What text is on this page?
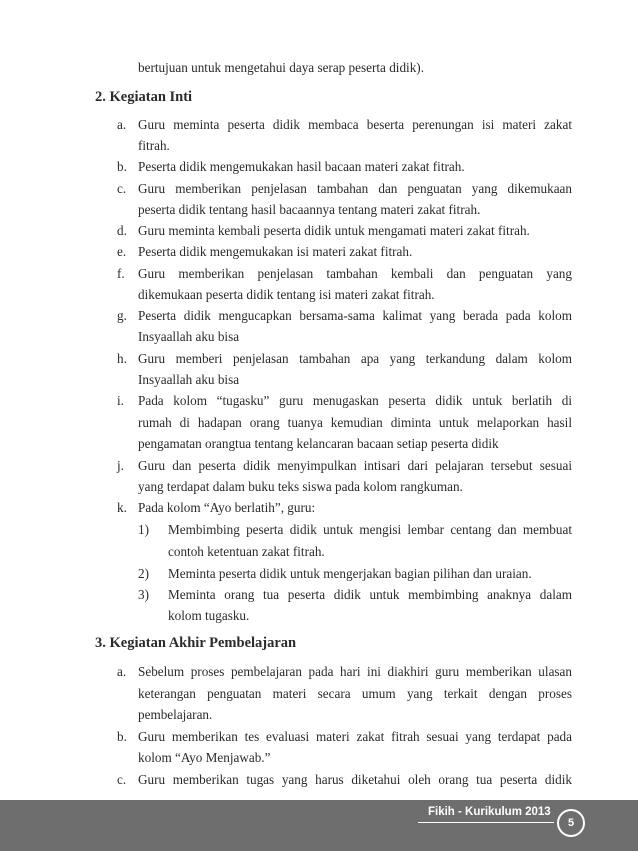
bertujuan untuk mengetahui daya serap peserta didik).
2. Kegiatan Inti
a. Guru meminta peserta didik membaca beserta perenungan isi materi zakat
fitrah.
b. Peserta didik mengemukakan hasil bacaan materi zakat fitrah.
c. Guru memberikan penjelasan tambahan dan penguatan yang dikemukaan
peserta didik tentang hasil bacaannya tentang materi zakat fitrah.
d. Guru meminta kembali peserta didik untuk mengamati materi zakat fitrah.
e. Peserta didik mengemukakan isi materi zakat fitrah.
f. Guru memberikan penjelasan tambahan kembali dan penguatan yang
dikemukaan peserta didik tentang isi materi zakat fitrah.
g. Peserta didik mengucapkan bersama-sama kalimat yang berada pada kolom
Insyaallah aku bisa
h. Guru memberi penjelasan tambahan apa yang terkandung dalam kolom
Insyaallah aku bisa
i. Pada kolom “tugasku” guru menugaskan peserta didik untuk berlatih di
rumah di hadapan orang tuanya kemudian diminta untuk melaporkan hasil
pengamatan orangtua tentang kelancaran bacaan setiap peserta didik
j. Guru dan peserta didik menyimpulkan intisari dari pelajaran tersebut sesuai
yang terdapat dalam buku teks siswa pada kolom rangkuman.
k. Pada kolom “Ayo berlatih”, guru:
1) Membimbing peserta didik untuk mengisi lembar centang dan membuat
contoh ketentuan zakat fitrah.
2) Meminta peserta didik untuk mengerjakan bagian pilihan dan uraian.
3) Meminta orang tua peserta didik untuk membimbing anaknya dalam
kolom tugasku.
3. Kegiatan Akhir Pembelajaran
a. Sebelum proses pembelajaran pada hari ini diakhiri guru memberikan ulasan
keterangan penguatan materi secara umum yang terkait dengan proses
pembelajaran.
b. Guru memberikan tes evaluasi materi zakat fitrah sesuai yang terdapat pada
kolom “Ayo Menjawab.”
c. Guru memberikan tugas yang harus diketahui oleh orang tua peserta didik
Fikih - Kurikulum 2013
5
